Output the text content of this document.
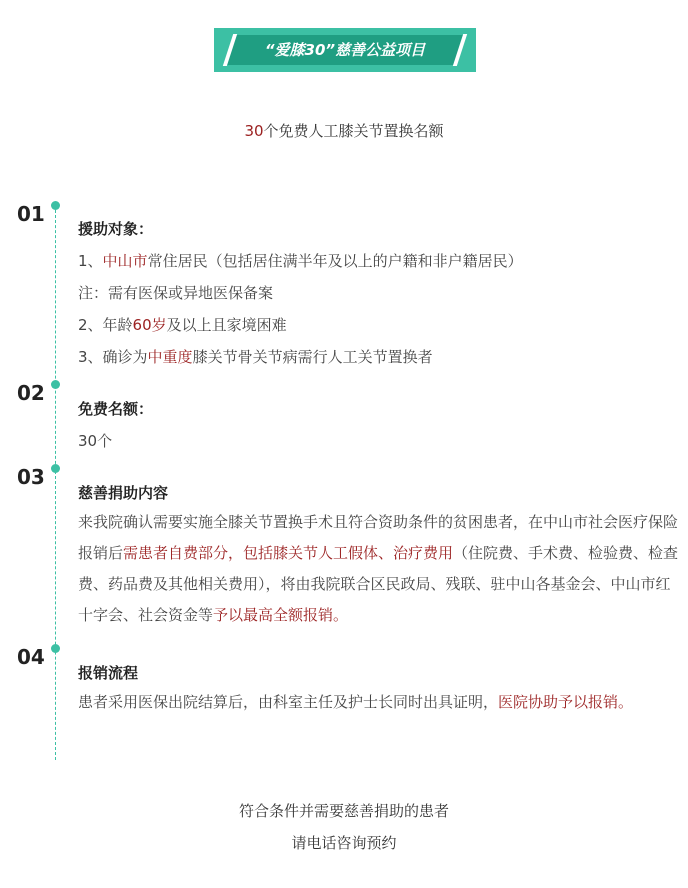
“爱膝30”慈善公益项目
30个免费人工膝关节置换名额
01
援助对象：
1、中山市常住居民（包括居住满半年及以上的户籍和非户籍居民）
注：需有医保或异地医保备案
2、年龄60岁及以上且家境困难
3、确诊为中重度膝关节骨关节病需行人工关节置换者
02
免费名额：
30个
03
慈善捐助内容
来我院确认需要实施全膝关节置换手术且符合资助条件的贫困患者，在中山市社会医疗保险报销后需患者自费部分，包括膝关节人工假体、治疗费用（住院费、手术费、检验费、检查费、药品费及其他相关费用），将由我院联合区民政局、残联、驻中山各基金会、中山市红十字会、社会资金等予以最高全额报销。
04
报销流程
患者采用医保出院结算后，由科室主任及护士长同时出具证明，医院协助予以报销。
符合条件并需要慈善捐助的患者
请电话咨询预约
